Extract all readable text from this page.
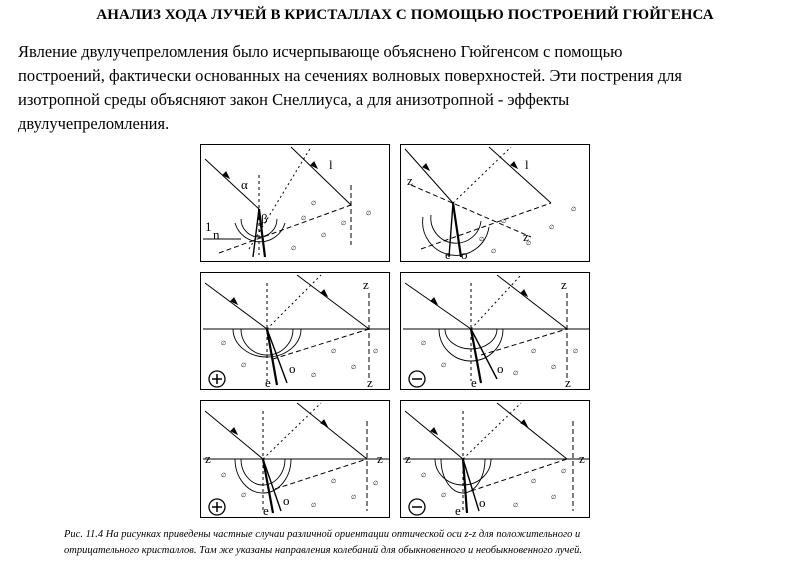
АНАЛИЗ ХОДА ЛУЧЕЙ В КРИСТАЛЛАХ С ПОМОЩЬЮ ПОСТРОЕНИЙ ГЮЙГЕНСА
Явление двулучепреломления было исчерпывающе объяснено Гюйгенсом с помощью
построений, фактически основанных на сечениях волновых поверхностей. Эти пострения для
изотропной среды объясняют закон Снеллиуса, а для анизотропной - эффекты
двулучепреломления.
∅
∅
∅
∅
∅
∅
α
β
l
1
n
∅
∅
∅
∅
∅
∅
l
z
z
e o
∅
∅
∅
∅
∅
∅
z
z
e
o
∅
∅
∅
∅
∅
∅
z
z
e
o
∅
∅
∅
∅
∅
∅
z	z
e
o
∅
∅
∅
∅
∅
∅
z	z
e
o
Рис. 11.4 На рисунках приведены частные случаи различной ориентации оптической оси z-z для положительного и
отрицательного кристаллов. Там же указаны направления колебаний для обыкновенного и необыкновенного лучей.
